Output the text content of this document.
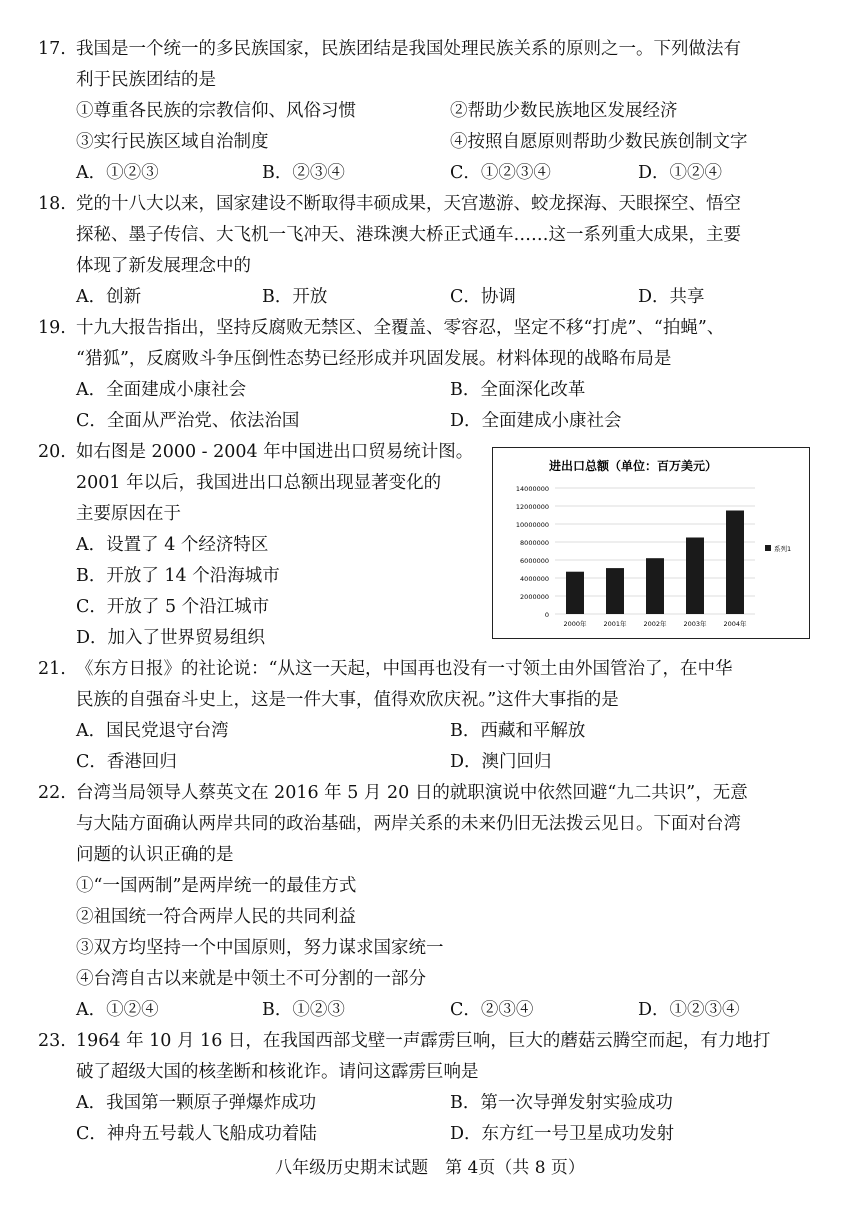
17. 我国是一个统一的多民族国家，民族团结是我国处理民族关系的原则之一。下列做法有
利于民族团结的是
①尊重各民族的宗教信仰、风俗习惯	②帮助少数民族地区发展经济
③实行民族区域自治制度	④按照自愿原则帮助少数民族创制文字
A．①②③	B．②③④	C．①②③④	D．①②④
18. 党的十八大以来，国家建设不断取得丰硕成果，天宫遨游、蛟龙探海、天眼探空、悟空
探秘、墨子传信、大飞机一飞冲天、港珠澳大桥正式通车……这一系列重大成果，主要
体现了新发展理念中的
A．创新	B．开放	C．协调	D．共享
19. 十九大报告指出，坚持反腐败无禁区、全覆盖、零容忍，坚定不移“打虎”、“拍蝇”、
“猎狐”，反腐败斗争压倒性态势已经形成并巩固发展。材料体现的战略布局是
A．全面建成小康社会	B．全面深化改革
C．全面从严治党、依法治国	D．全面建成小康社会
20. 如右图是 2000 - 2004 年中国进出口贸易统计图。
2001 年以后，我国进出口总额出现显著变化的
主要原因在于
A．设置了 4 个经济特区
B．开放了 14 个沿海城市
C．开放了 5 个沿江城市
D．加入了世界贸易组织
进出口总额（单位：百万美元）
0
2000000
4000000
6000000
8000000
10000000
12000000
14000000
2000年	2001年	2002年	2003年	2004年
系列1
21. 《东方日报》的社论说：“从这一天起，中国再也没有一寸领土由外国管治了，在中华
民族的自强奋斗史上，这是一件大事，值得欢欣庆祝。”这件大事指的是
A．国民党退守台湾	B．西藏和平解放
C．香港回归	D．澳门回归
22. 台湾当局领导人蔡英文在 2016 年 5 月 20 日的就职演说中依然回避“九二共识”，无意
与大陆方面确认两岸共同的政治基础，两岸关系的未来仍旧无法拨云见日。下面对台湾
问题的认识正确的是
①“一国两制”是两岸统一的最佳方式
②祖国统一符合两岸人民的共同利益
③双方均坚持一个中国原则，努力谋求国家统一
④台湾自古以来就是中领土不可分割的一部分
A．①②④	B．①②③	C．②③④	D．①②③④
23. 1964 年 10 月 16 日，在我国西部戈壁一声霹雳巨响，巨大的蘑菇云腾空而起，有力地打
破了超级大国的核垄断和核讹诈。请问这霹雳巨响是
A．我国第一颗原子弹爆炸成功	B．第一次导弹发射实验成功
C．神舟五号载人飞船成功着陆	D．东方红一号卫星成功发射
八年级历史期末试题　第 4页（共 8 页）
